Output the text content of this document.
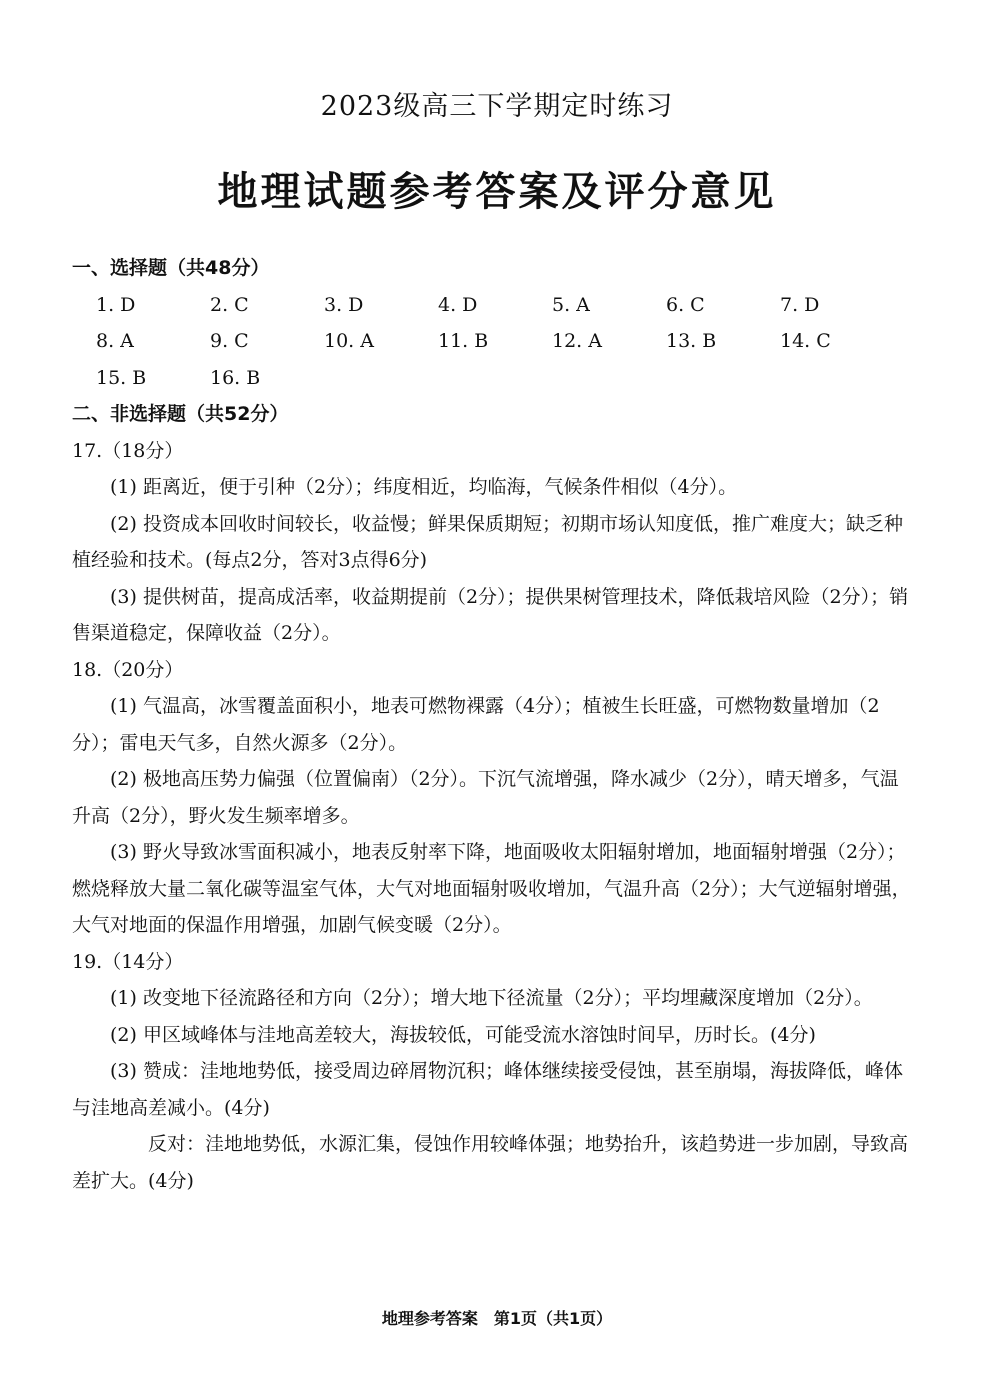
2023级高三下学期定时练习
地理试题参考答案及评分意见

一、选择题（共48分）

1. D	2. C	3. D	4. D	5. A	6. C	7. D
8. A	9. C	10. A	11. B	12. A	13. B	14. C
15. B	16. B

二、非选择题（共52分）

17.（18分）

(1) 距离近，便于引种（2分）；纬度相近，均临海，气候条件相似（4分）。

(2) 投资成本回收时间较长，收益慢；鲜果保质期短；初期市场认知度低，推广难度大；缺乏种植经验和技术。(每点2分，答对3点得6分)

(3) 提供树苗，提高成活率，收益期提前（2分）；提供果树管理技术，降低栽培风险（2分）；销售渠道稳定，保障收益（2分）。

18.（20分）

(1) 气温高，冰雪覆盖面积小，地表可燃物裸露（4分）；植被生长旺盛，可燃物数量增加（2分）；雷电天气多，自然火源多（2分）。

(2) 极地高压势力偏强（位置偏南）（2分）。下沉气流增强，降水减少（2分），晴天增多，气温升高（2分），野火发生频率增多。

(3) 野火导致冰雪面积减小，地表反射率下降，地面吸收太阳辐射增加，地面辐射增强（2分）；燃烧释放大量二氧化碳等温室气体，大气对地面辐射吸收增加，气温升高（2分）；大气逆辐射增强，大气对地面的保温作用增强，加剧气候变暖（2分）。

19.（14分）

(1) 改变地下径流路径和方向（2分）；增大地下径流量（2分）；平均埋藏深度增加（2分）。

(2) 甲区域峰体与洼地高差较大，海拔较低，可能受流水溶蚀时间早，历时长。(4分)

(3) 赞成：洼地地势低，接受周边碎屑物沉积；峰体继续接受侵蚀，甚至崩塌，海拔降低，峰体与洼地高差减小。(4分)

反对：洼地地势低，水源汇集，侵蚀作用较峰体强；地势抬升，该趋势进一步加剧，导致高差扩大。(4分)

地理参考答案　第1页（共1页）
